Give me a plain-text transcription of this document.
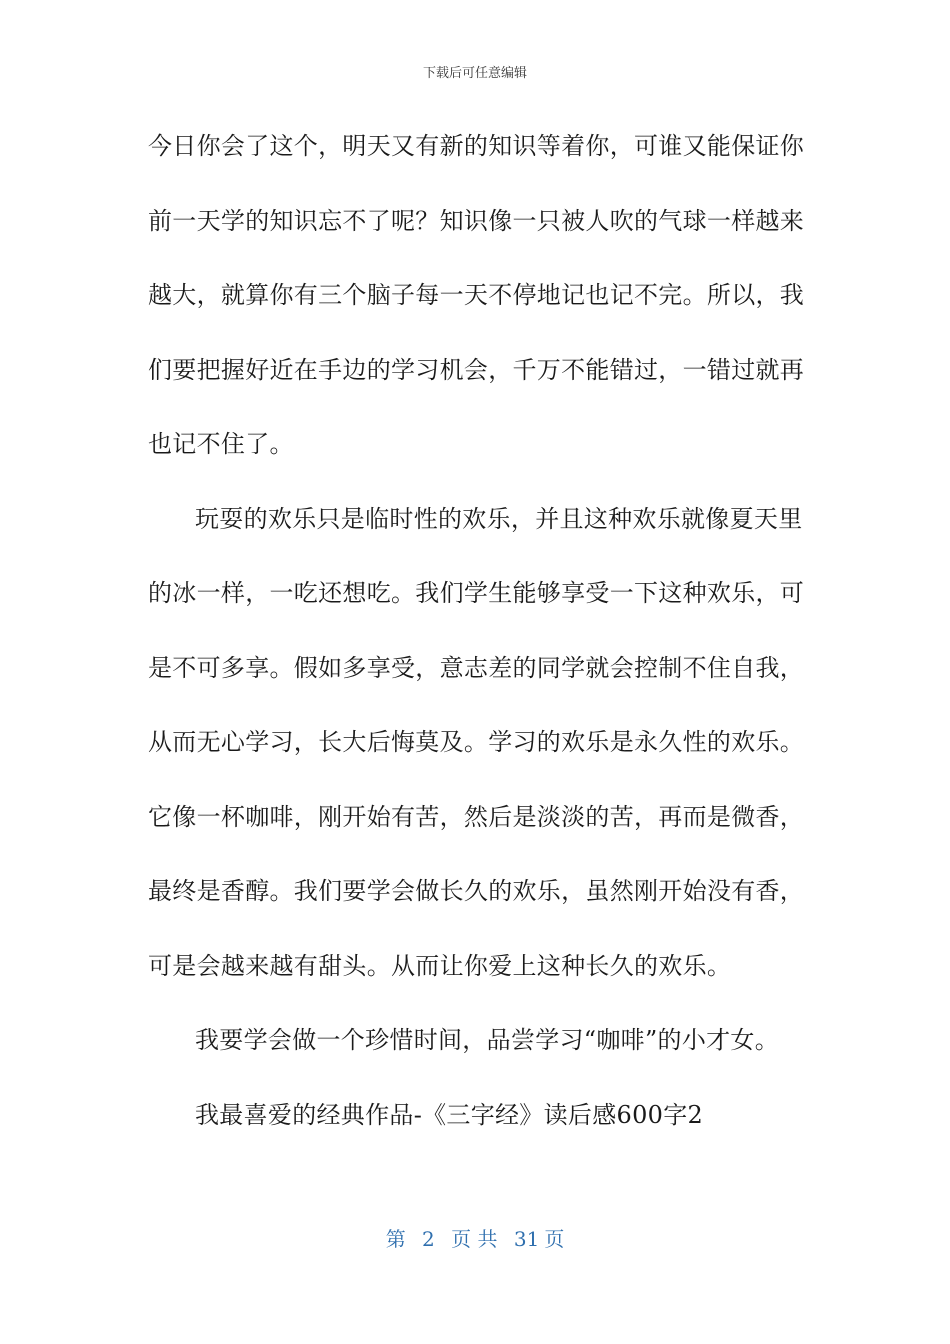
下载后可任意编辑
今日你会了这个，明天又有新的知识等着你，可谁又能保证你
前一天学的知识忘不了呢？知识像一只被人吹的气球一样越来
越大，就算你有三个脑子每一天不停地记也记不完。所以，我
们要把握好近在手边的学习机会，千万不能错过，一错过就再
也记不住了。
玩耍的欢乐只是临时性的欢乐，并且这种欢乐就像夏天里
的冰一样，一吃还想吃。我们学生能够享受一下这种欢乐，可
是不可多享。假如多享受，意志差的同学就会控制不住自我，
从而无心学习，长大后悔莫及。学习的欢乐是永久性的欢乐。
它像一杯咖啡，刚开始有苦，然后是淡淡的苦，再而是微香，
最终是香醇。我们要学会做长久的欢乐，虽然刚开始没有香，
可是会越来越有甜头。从而让你爱上这种长久的欢乐。
我要学会做一个珍惜时间，品尝学习“咖啡”的小才女。
我最喜爱的经典作品-《三字经》读后感600字2
第 2 页 共 31 页
